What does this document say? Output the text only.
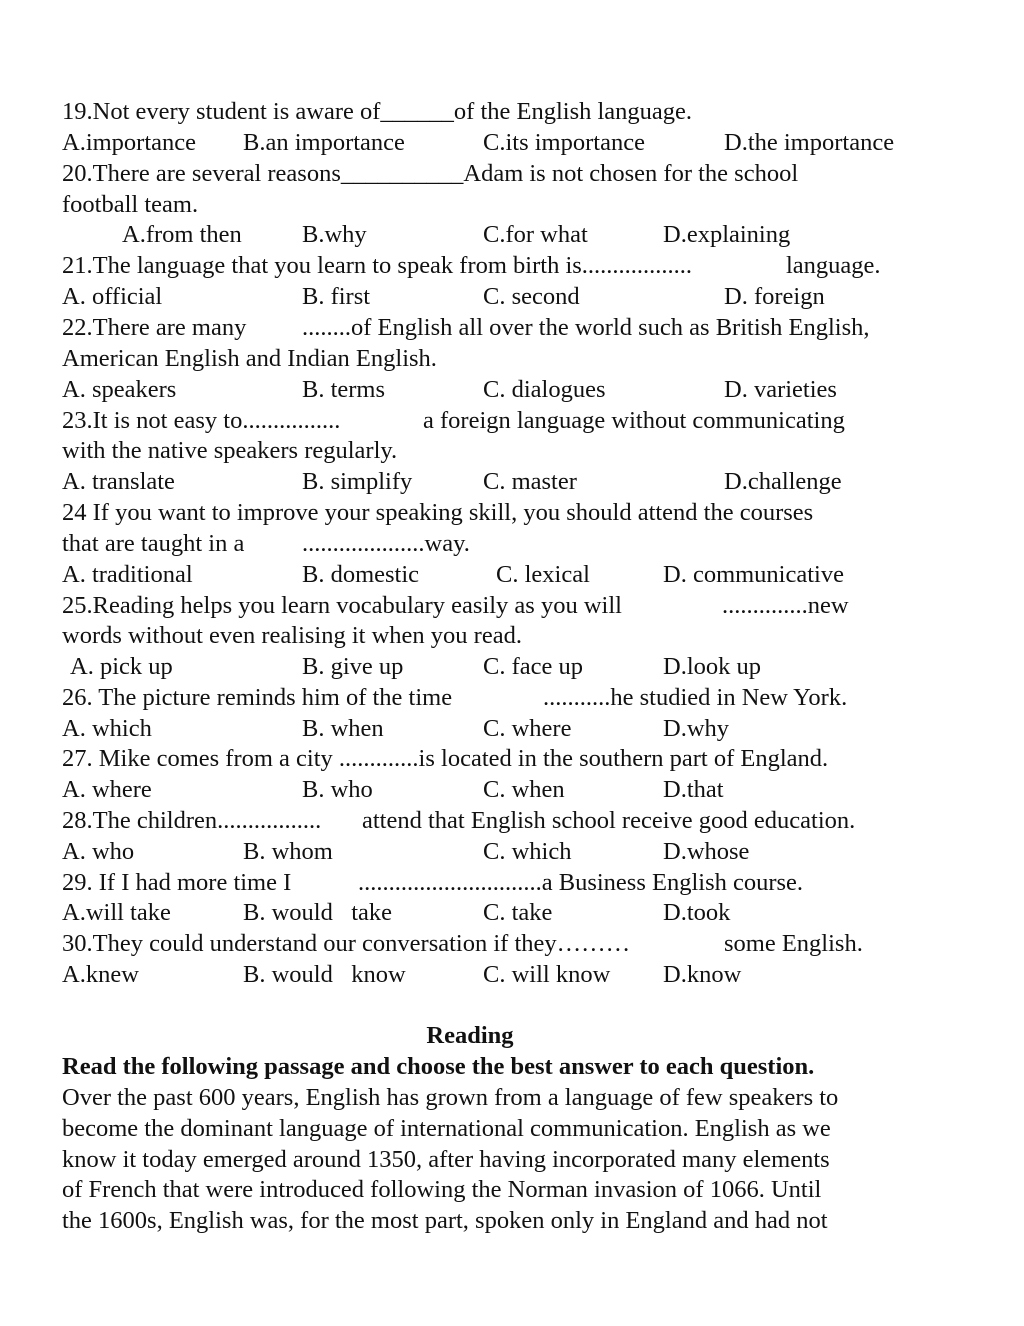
19.Not every student is aware of______of the English language.
A.importance B.an importance	C.its importance	D.the importance
20.There are several reasons__________Adam is not chosen for the school
football team.
A.from then B.why	C.for what	D.explaining
21.The language that you learn to speak from birth is..................	language.
A. official	B. first	C. second	D. foreign
22.There are many ........of English all over the world such as British English,
American English and Indian English.
A. speakers	B. terms	C. dialogues	D. varieties
23.It is not easy to................	a foreign language without communicating
with the native speakers regularly.
A. translate	B. simplify	C. master	D.challenge
24 If you want to improve your speaking skill, you should attend the courses
that are taught in a ....................way.
A. traditional	B. domestic	C. lexical	D. communicative
25.Reading helps you learn vocabulary easily as you will	..............new
words without even realising it when you read.
A. pick up	B. give up	C. face up	D.look up
26. The picture reminds him of the time	...........he studied in New York.
A. which	B. when	C. where	D.why
27. Mike comes from a city .............is located in the southern part of England.
A. where	B. who	C. when	D.that
28.The children................. attend that English school receive good education.
A. who	B. whom	C. which	D.whose
29. If I had more time I	..............................a Business English course.
A.will take	B. would   take	C. take	D.took
30.They could understand our conversation if they………	some English.
A.knew	B. would   know	C. will know D.know
Reading
Read the following passage and choose the best answer to each question.
Over the past 600 years, English has grown from a language of few speakers to
become the dominant language of international communication. English as we
know it today emerged around 1350, after having incorporated many elements
of French that were introduced following the Norman invasion of 1066. Until
the 1600s, English was, for the most part, spoken only in England and had not
